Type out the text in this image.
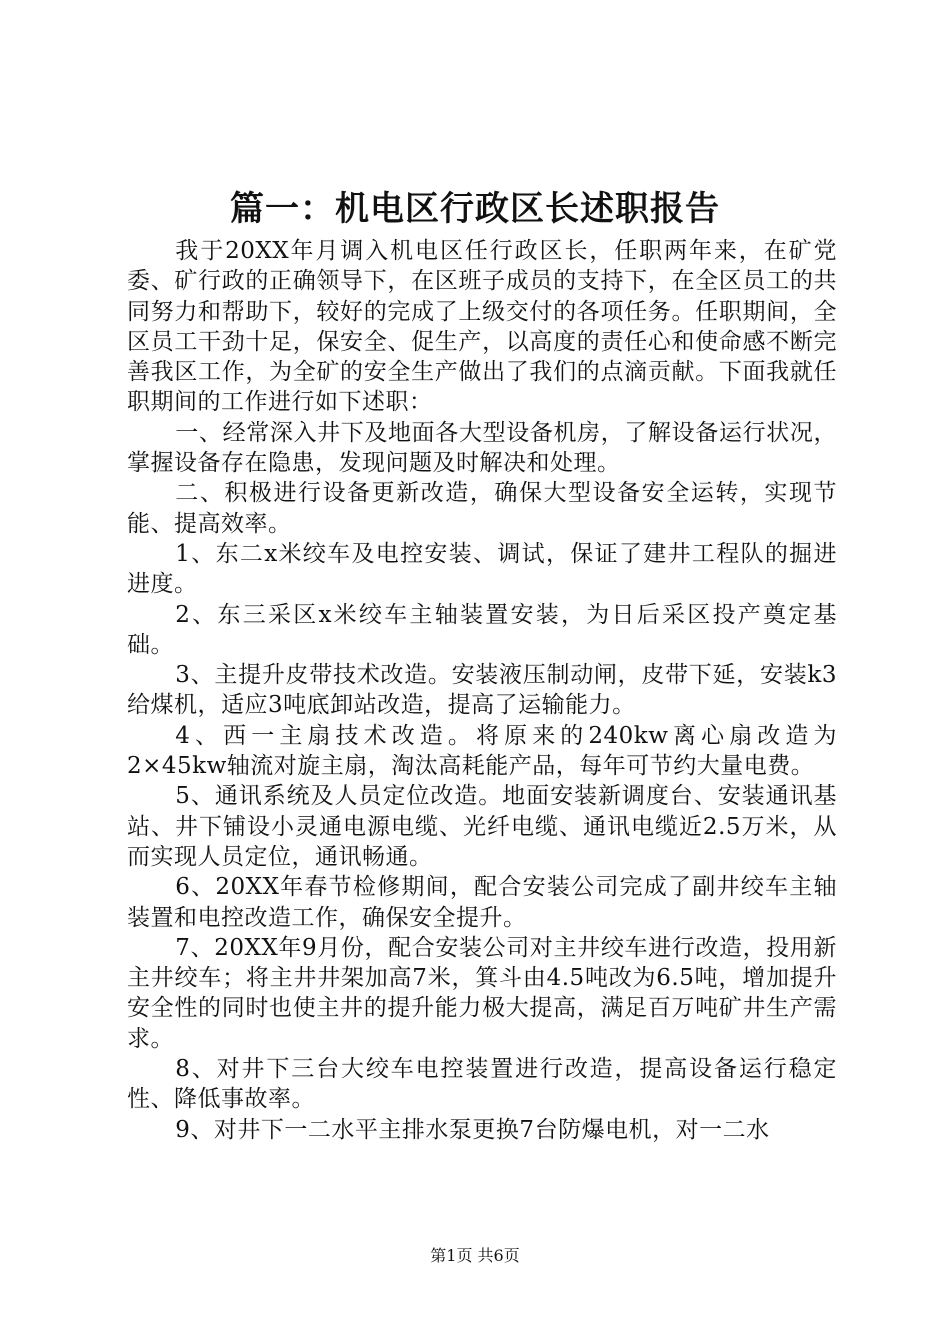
篇一：机电区行政区长述职报告

我于20XX年月调入机电区任行政区长，任职两年来，在矿党委、矿行政的正确领导下，在区班子成员的支持下，在全区员工的共同努力和帮助下，较好的完成了上级交付的各项任务。任职期间，全区员工干劲十足，保安全、促生产，以高度的责任心和使命感不断完善我区工作，为全矿的安全生产做出了我们的点滴贡献。下面我就任职期间的工作进行如下述职：

一、经常深入井下及地面各大型设备机房，了解设备运行状况，掌握设备存在隐患，发现问题及时解决和处理。

二、积极进行设备更新改造，确保大型设备安全运转，实现节能、提高效率。

1、东二x米绞车及电控安装、调试，保证了建井工程队的掘进进度。

2、东三采区x米绞车主轴装置安装，为日后采区投产奠定基础。

3、主提升皮带技术改造。安装液压制动闸，皮带下延，安装k3给煤机，适应3吨底卸站改造，提高了运输能力。

4、西一主扇技术改造。将原来的240kw离心扇改造为2×45kw轴流对旋主扇，淘汰高耗能产品，每年可节约大量电费。

5、通讯系统及人员定位改造。地面安装新调度台、安装通讯基站、井下铺设小灵通电源电缆、光纤电缆、通讯电缆近2.5万米，从而实现人员定位，通讯畅通。

6、20XX年春节检修期间，配合安装公司完成了副井绞车主轴装置和电控改造工作，确保安全提升。

7、20XX年9月份，配合安装公司对主井绞车进行改造，投用新主井绞车；将主井井架加高7米，箕斗由4.5吨改为6.5吨，增加提升安全性的同时也使主井的提升能力极大提高，满足百万吨矿井生产需求。

8、对井下三台大绞车电控装置进行改造，提高设备运行稳定性、降低事故率。

9、对井下一二水平主排水泵更换7台防爆电机，对一二水

第1页 共6页
